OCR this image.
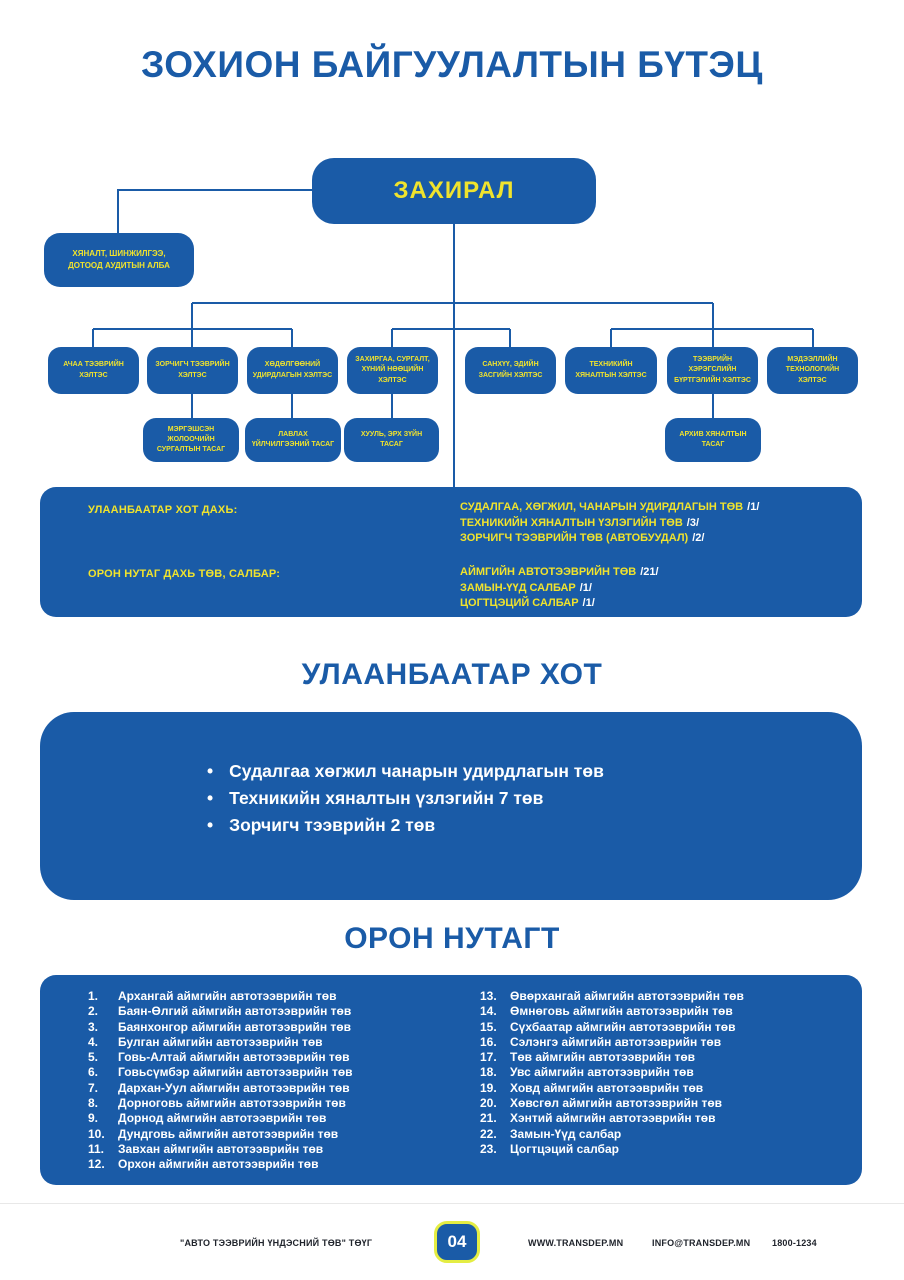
ЗОХИОН БАЙГУУЛАЛТЫН БҮТЭЦ
ЗАХИРАЛ
ХЯНАЛТ, ШИНЖИЛГЭЭ, ДОТООД АУДИТЫН АЛБА
АЧАА ТЭЭВРИЙН ХЭЛТЭС
ЗОРЧИГЧ ТЭЭВРИЙН ХЭЛТЭС
ХӨДӨЛГӨӨНИЙ УДИРДЛАГЫН ХЭЛТЭС
ЗАХИРГАА, СУРГАЛТ, ХҮНИЙ НӨӨЦИЙН ХЭЛТЭС
САНХҮҮ, ЭДИЙН ЗАСГИЙН ХЭЛТЭС
ТЕХНИКИЙН ХЯНАЛТЫН ХЭЛТЭС
ТЭЭВРИЙН ХЭРЭГСЛИЙН БҮРТГЭЛИЙН ХЭЛТЭС
МЭДЭЭЛЛИЙН ТЕХНОЛОГИЙН ХЭЛТЭС
МЭРГЭШСЭН ЖОЛООЧИЙН СУРГАЛТЫН ТАСАГ
ЛАВЛАХ ҮЙЛЧИЛГЭЭНИЙ ТАСАГ
ХУУЛЬ, ЭРХ ЗҮЙН ТАСАГ
АРХИВ ХЯНАЛТЫН ТАСАГ
УЛААНБААТАР ХОТ ДАХЬ:	СУДАЛГАА, ХӨГЖИЛ, ЧАНАРЫН УДИРДЛАГЫН ТӨВ /1/
ТЕХНИКИЙН ХЯНАЛТЫН ҮЗЛЭГИЙН ТӨВ /3/
ЗОРЧИГЧ ТЭЭВРИЙН ТӨВ (АВТОБУУДАЛ) /2/
ОРОН НУТАГ ДАХЬ ТӨВ, САЛБАР:	АЙМГИЙН АВТОТЭЭВРИЙН ТӨВ /21/
ЗАМЫН-ҮҮД САЛБАР /1/
ЦОГТЦЭЦИЙ САЛБАР /1/
УЛААНБААТАР ХОТ
• Судалгаа хөгжил чанарын удирдлагын төв
• Техникийн хяналтын үзлэгийн 7 төв
• Зорчигч тээврийн 2 төв
ОРОН НУТАГТ
1.	Архангай аймгийн автотээврийн төв
2.	Баян-Өлгий аймгийн автотээврийн төв
3.	Баянхонгор аймгийн автотээврийн төв
4.	Булган аймгийн автотээврийн төв
5.	Говь-Алтай аймгийн автотээврийн төв
6.	Говьсүмбэр аймгийн автотээврийн төв
7.	Дархан-Уул аймгийн автотээврийн төв
8.	Дорноговь аймгийн автотээврийн төв
9.	Дорнод аймгийн автотээврийн төв
10.	Дундговь аймгийн автотээврийн төв
11.	Завхан аймгийн автотээврийн төв
12.	Орхон аймгийн автотээврийн төв
13.	Өвөрхангай аймгийн автотээврийн төв
14.	Өмнөговь аймгийн автотээврийн төв
15.	Сүхбаатар аймгийн автотээврийн төв
16.	Сэлэнгэ аймгийн автотээврийн төв
17.	Төв аймгийн автотээврийн төв
18.	Увс аймгийн автотээврийн төв
19.	Ховд аймгийн автотээврийн төв
20.	Хөвсгөл аймгийн автотээврийн төв
21.	Хэнтий аймгийн автотээврийн төв
22.	Замын-Үүд салбар
23.	Цогтцэций салбар
"АВТО ТЭЭВРИЙН ҮНДЭСНИЙ ТӨВ" ТӨҮГ	04	WWW.TRANSDEP.MN	INFO@TRANSDEP.MN 1800-1234
